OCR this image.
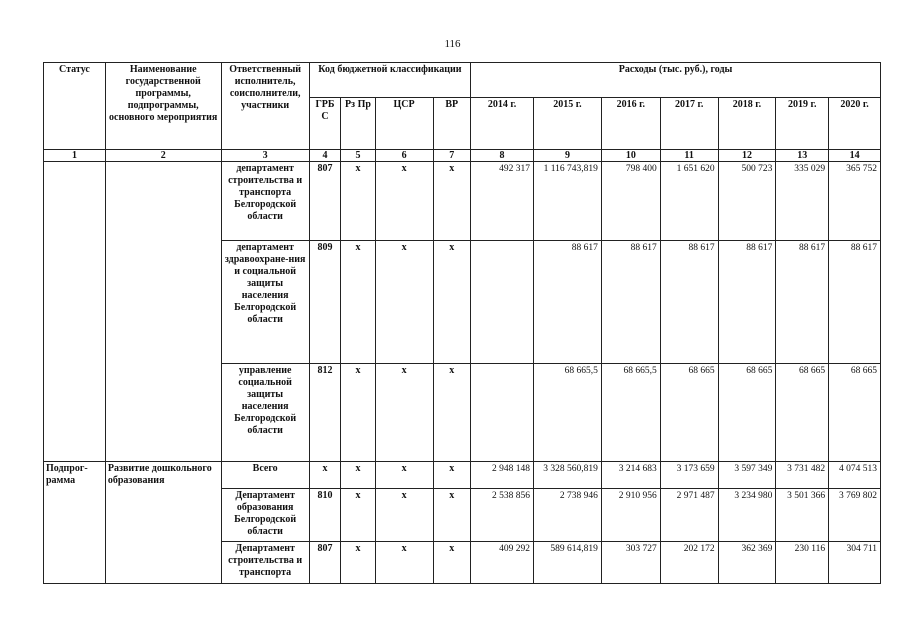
116
Статус	Наименование государственной программы, подпрограммы, основного мероприятия	Ответственный исполнитель, соисполнители, участники	Код бюджетной классификации				Расходы (тыс. руб.), годы						
			ГРБ С	Рз Пр	ЦСР	ВР	2014 г.	2015 г.	2016 г.	2017 г.	2018 г.	2019 г.	2020 г.
1	2	3	4	5	6	7	8	9	10	11	12	13	14
		департамент строительства и транспорта Белгородской области	807	х	х	х	492 317	1 116 743,819	798 400	1 651 620	500 723	335 029	365 752
		департамент здравоохране-ния и социальной защиты населения Белгородской области	809	х	х	х		88 617	88 617	88 617	88 617	88 617	88 617
		управление социальной защиты населения Белгородской области	812	х	х	х		68 665,5	68 665,5	68 665	68 665	68 665	68 665
Подпрог-рамма	Развитие дошкольного образования	Всего	х	х	х	х	2 948 148	3 328 560,819	3 214 683	3 173 659	3 597 349	3 731 482	4 074 513
		Департамент образования Белгородской области	810	х	х	х	2 538 856	2 738 946	2 910 956	2 971 487	3 234 980	3 501 366	3 769 802
		Департамент строительства и транспорта	807	х	х	х	409 292	589 614,819	303 727	202 172	362 369	230 116	304 711
